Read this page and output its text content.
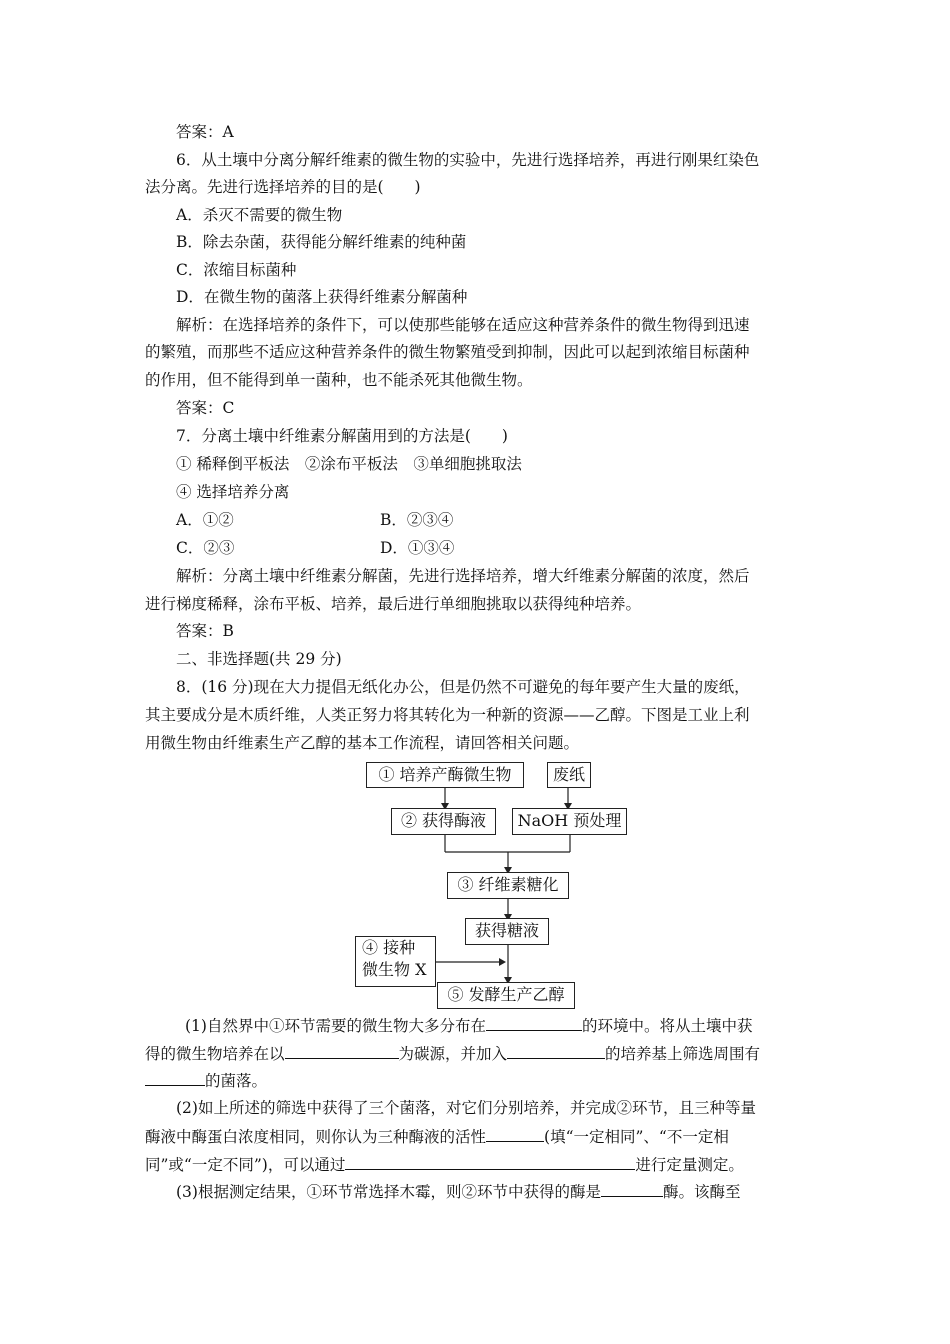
答案：A
6．从土壤中分离分解纤维素的微生物的实验中，先进行选择培养，再进行刚果红染色
法分离。先进行选择培养的目的是(　　)
A．杀灭不需要的微生物
B．除去杂菌，获得能分解纤维素的纯种菌
C．浓缩目标菌种
D．在微生物的菌落上获得纤维素分解菌种
解析：在选择培养的条件下，可以使那些能够在适应这种营养条件的微生物得到迅速
的繁殖，而那些不适应这种营养条件的微生物繁殖受到抑制，因此可以起到浓缩目标菌种
的作用，但不能得到单一菌种，也不能杀死其他微生物。
答案：C
7．分离土壤中纤维素分解菌用到的方法是(　　)
① 稀释倒平板法　②涂布平板法　③单细胞挑取法
④ 选择培养分离
A．①②	B．②③④
C．②③	D．①③④
解析：分离土壤中纤维素分解菌，先进行选择培养，增大纤维素分解菌的浓度，然后
进行梯度稀释，涂布平板、培养，最后进行单细胞挑取以获得纯种培养。
答案：B
二、非选择题(共 29 分)
8．(16 分)现在大力提倡无纸化办公，但是仍然不可避免的每年要产生大量的废纸，
其主要成分是木质纤维，人类正努力将其转化为一种新的资源——乙醇。下图是工业上利
用微生物由纤维素生产乙醇的基本工作流程，请回答相关问题。
① 培养产酶微生物	废纸
② 获得酶液	NaOH 预处理
③ 纤维素糖化
获得糖液
④ 接种
微生物 X
⑤ 发酵生产乙醇
(1)自然界中①环节需要的微生物大多分布在	的环境中。将从土壤中获
得的微生物培养在以	为碳源，并加入	的培养基上筛选周围有
的菌落。
(2)如上所述的筛选中获得了三个菌落，对它们分别培养，并完成②环节，且三种等量
酶液中酶蛋白浓度相同，则你认为三种酶液的活性	(填“一定相同”、“不一定相
同”或“一定不同”)，可以通过	进行定量测定。
(3)根据测定结果，①环节常选择木霉，则②环节中获得的酶是	酶。该酶至
